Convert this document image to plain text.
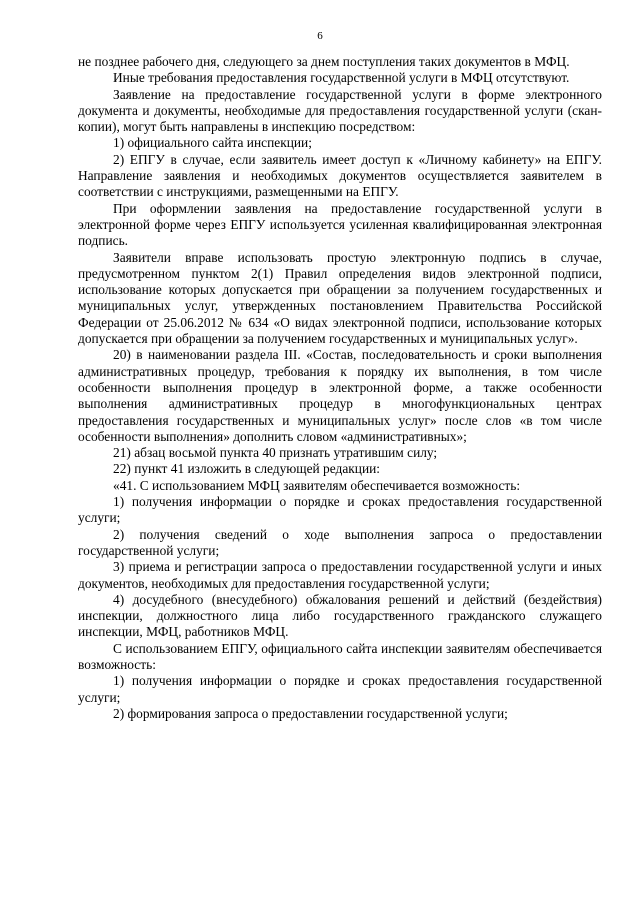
6

не позднее рабочего дня, следующего за днем поступления таких документов в МФЦ.

Иные требования предоставления государственной услуги в МФЦ отсутствуют.

Заявление на предоставление государственной услуги в форме электронного документа и документы, необходимые для предоставления государственной услуги (скан-копии), могут быть направлены в инспекцию посредством:

1) официального сайта инспекции;

2) ЕПГУ в случае, если заявитель имеет доступ к «Личному кабинету» на ЕПГУ. Направление заявления и необходимых документов осуществляется заявителем в соответствии с инструкциями, размещенными на ЕПГУ.

При оформлении заявления на предоставление государственной услуги в электронной форме через ЕПГУ используется усиленная квалифицированная электронная подпись.

Заявители вправе использовать простую электронную подпись в случае, предусмотренном пунктом 2(1) Правил определения видов электронной подписи, использование которых допускается при обращении за получением государственных и муниципальных услуг, утвержденных постановлением Правительства Российской Федерации от 25.06.2012 № 634 «О видах электронной подписи, использование которых допускается при обращении за получением государственных и муниципальных услуг».

20) в наименовании раздела III. «Состав, последовательность и сроки выполнения административных процедур, требования к порядку их выполнения, в том числе особенности выполнения процедур в электронной форме, а также особенности выполнения административных процедур в многофункциональных центрах предоставления государственных и муниципальных услуг» после слов «в том числе особенности выполнения» дополнить словом «административных»;

21) абзац восьмой пункта 40 признать утратившим силу;

22) пункт 41 изложить в следующей редакции:

«41. С использованием МФЦ заявителям обеспечивается возможность:

1) получения информации о порядке и сроках предоставления государственной услуги;

2) получения сведений о ходе выполнения запроса о предоставлении государственной услуги;

3) приема и регистрации запроса о предоставлении государственной услуги и иных документов, необходимых для предоставления государственной услуги;

4) досудебного (внесудебного) обжалования решений и действий (бездействия) инспекции, должностного лица либо государственного гражданского служащего инспекции, МФЦ, работников МФЦ.

С использованием ЕПГУ, официального сайта инспекции заявителям обеспечивается возможность:

1) получения информации о порядке и сроках предоставления государственной услуги;

2) формирования запроса о предоставлении государственной услуги;
